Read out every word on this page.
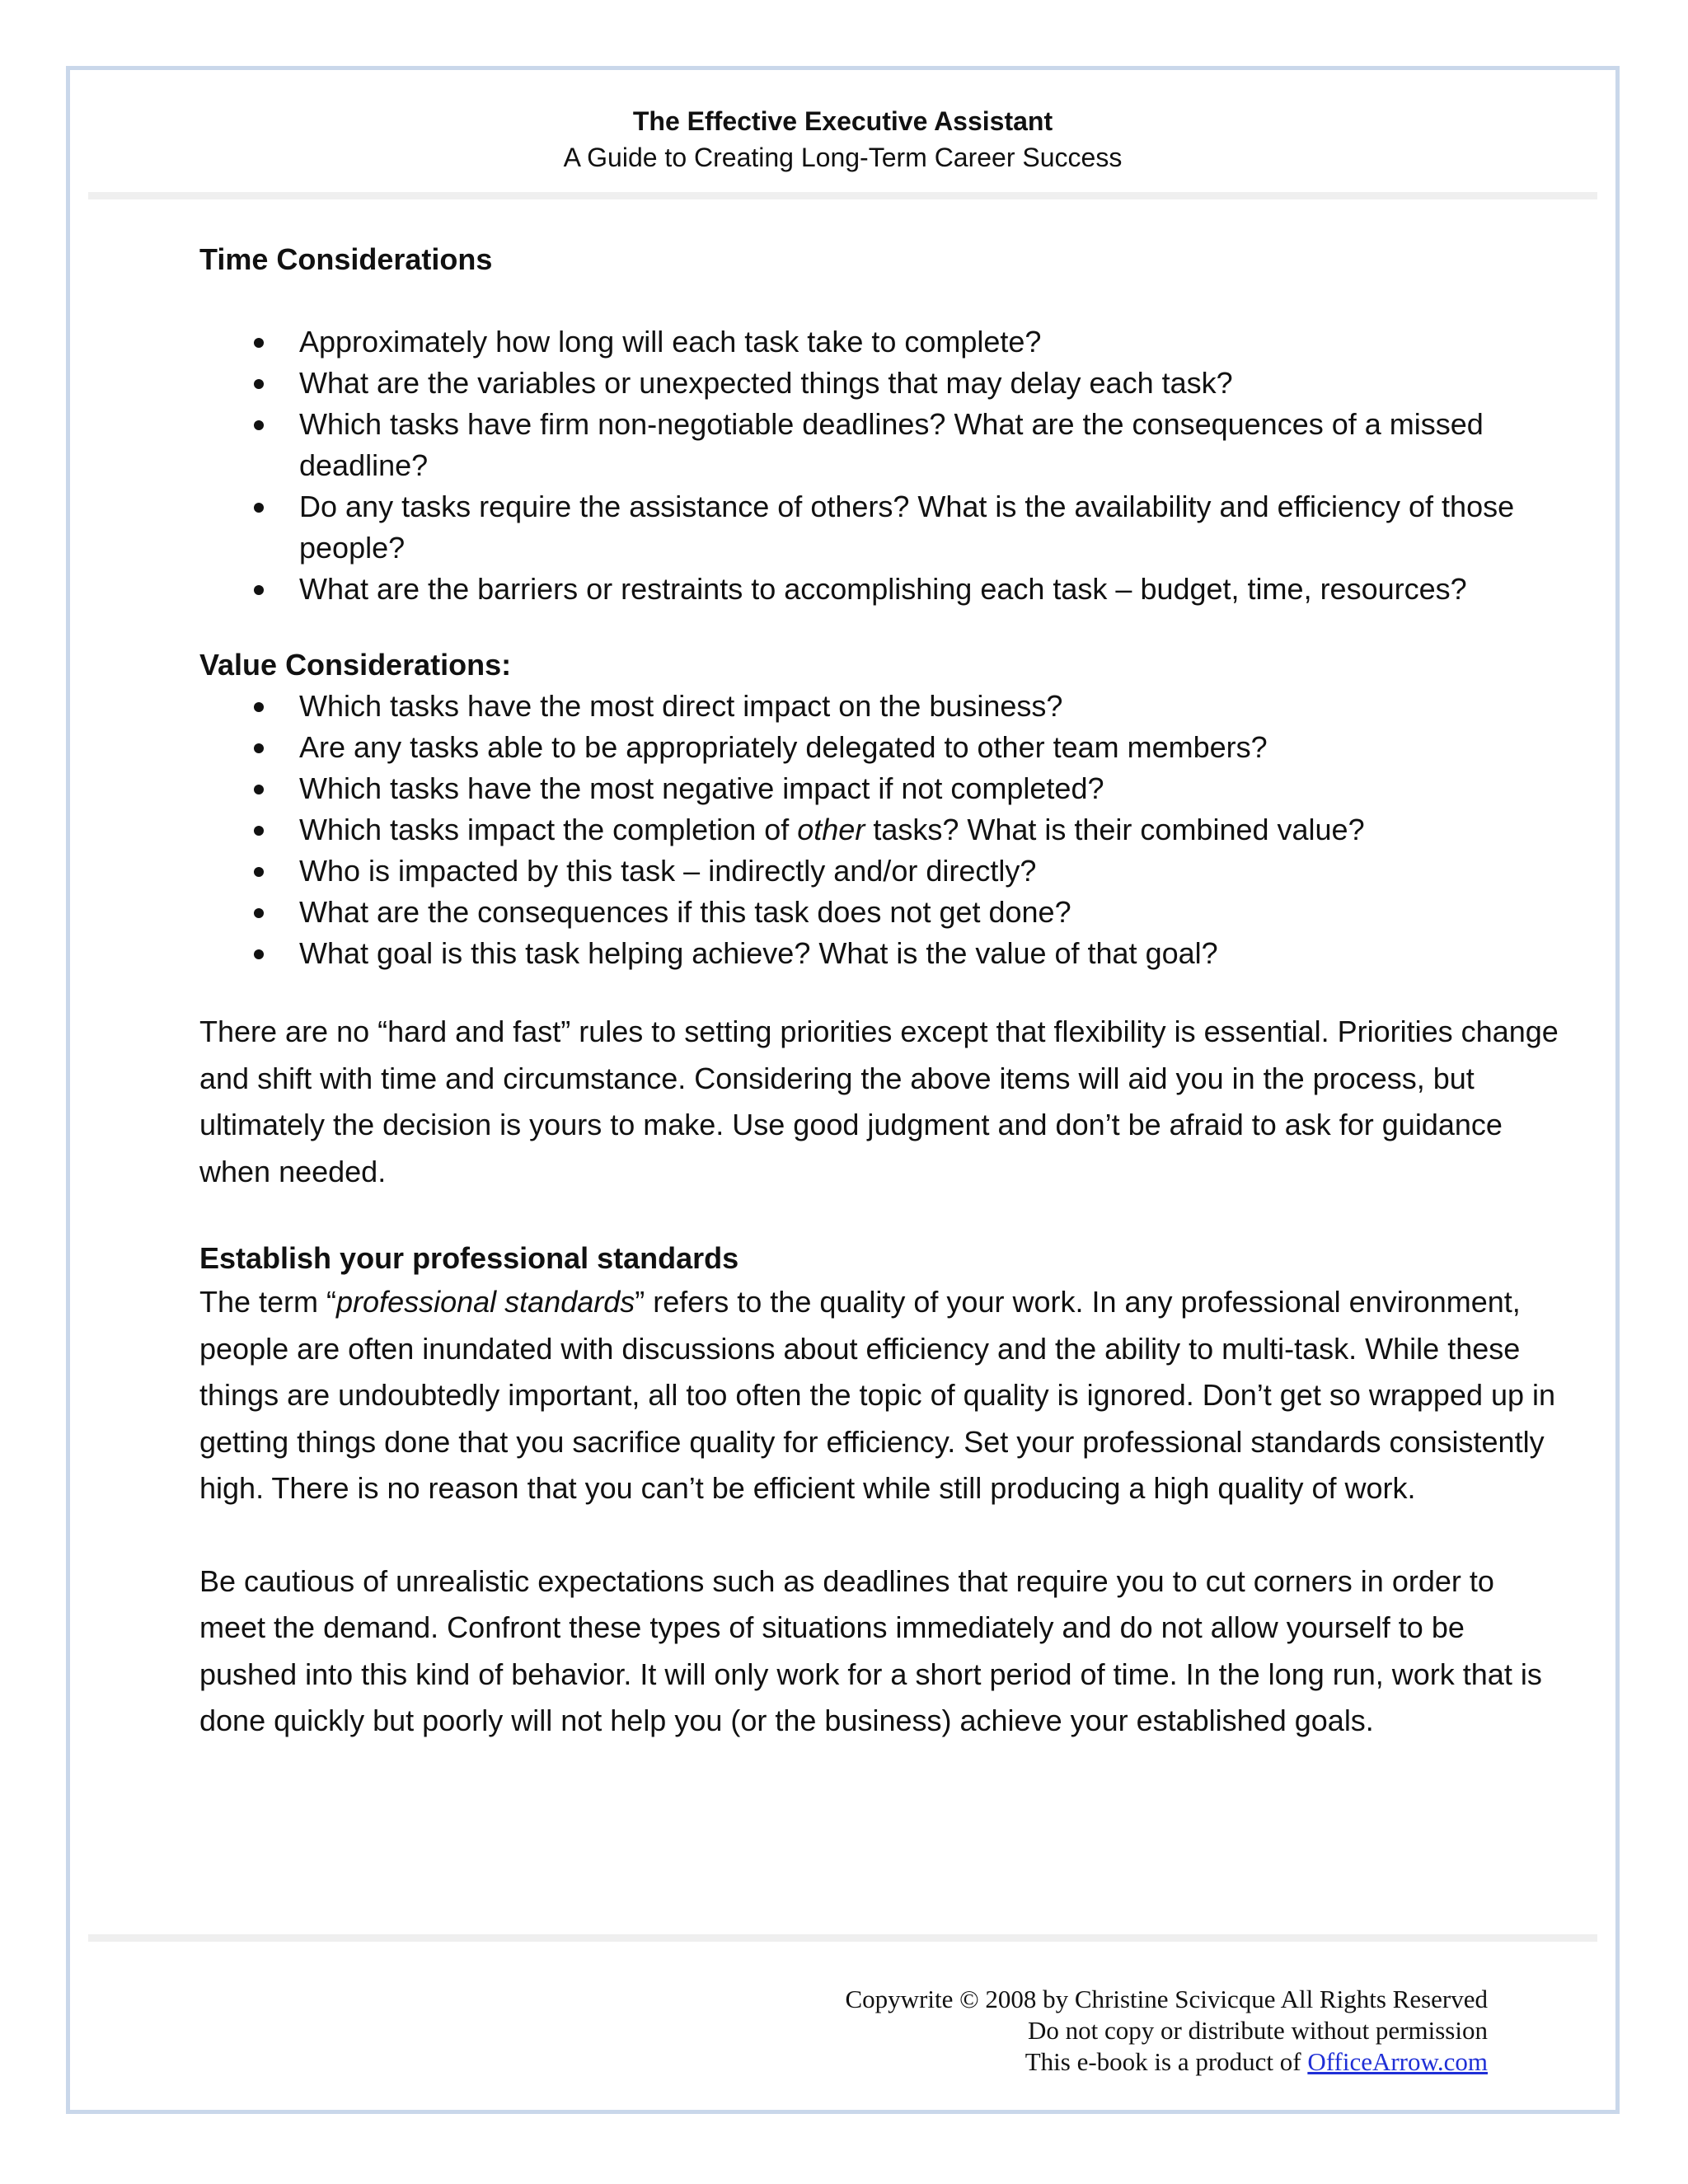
The Effective Executive Assistant
A Guide to Creating Long-Term Career Success
Time Considerations
Approximately how long will each task take to complete?
What are the variables or unexpected things that may delay each task?
Which tasks have firm non-negotiable deadlines? What are the consequences of a missed deadline?
Do any tasks require the assistance of others? What is the availability and efficiency of those people?
What are the barriers or restraints to accomplishing each task – budget, time, resources?
Value Considerations:
Which tasks have the most direct impact on the business?
Are any tasks able to be appropriately delegated to other team members?
Which tasks have the most negative impact if not completed?
Which tasks impact the completion of other tasks? What is their combined value?
Who is impacted by this task – indirectly and/or directly?
What are the consequences if this task does not get done?
What goal is this task helping achieve? What is the value of that goal?

There are no “hard and fast” rules to setting priorities except that flexibility is essential. Priorities change and shift with time and circumstance. Considering the above items will aid you in the process, but ultimately the decision is yours to make. Use good judgment and don’t be afraid to ask for guidance when needed.

Establish your professional standards

The term “professional standards” refers to the quality of your work. In any professional environment, people are often inundated with discussions about efficiency and the ability to multi-task. While these things are undoubtedly important, all too often the topic of quality is ignored. Don’t get so wrapped up in getting things done that you sacrifice quality for efficiency. Set your professional standards consistently high. There is no reason that you can’t be efficient while still producing a high quality of work.

Be cautious of unrealistic expectations such as deadlines that require you to cut corners in order to meet the demand. Confront these types of situations immediately and do not allow yourself to be pushed into this kind of behavior. It will only work for a short period of time. In the long run, work that is done quickly but poorly will not help you (or the business) achieve your established goals.

Copywrite © 2008 by Christine Scivicque All Rights Reserved
Do not copy or distribute without permission
This e-book is a product of OfficeArrow.com
